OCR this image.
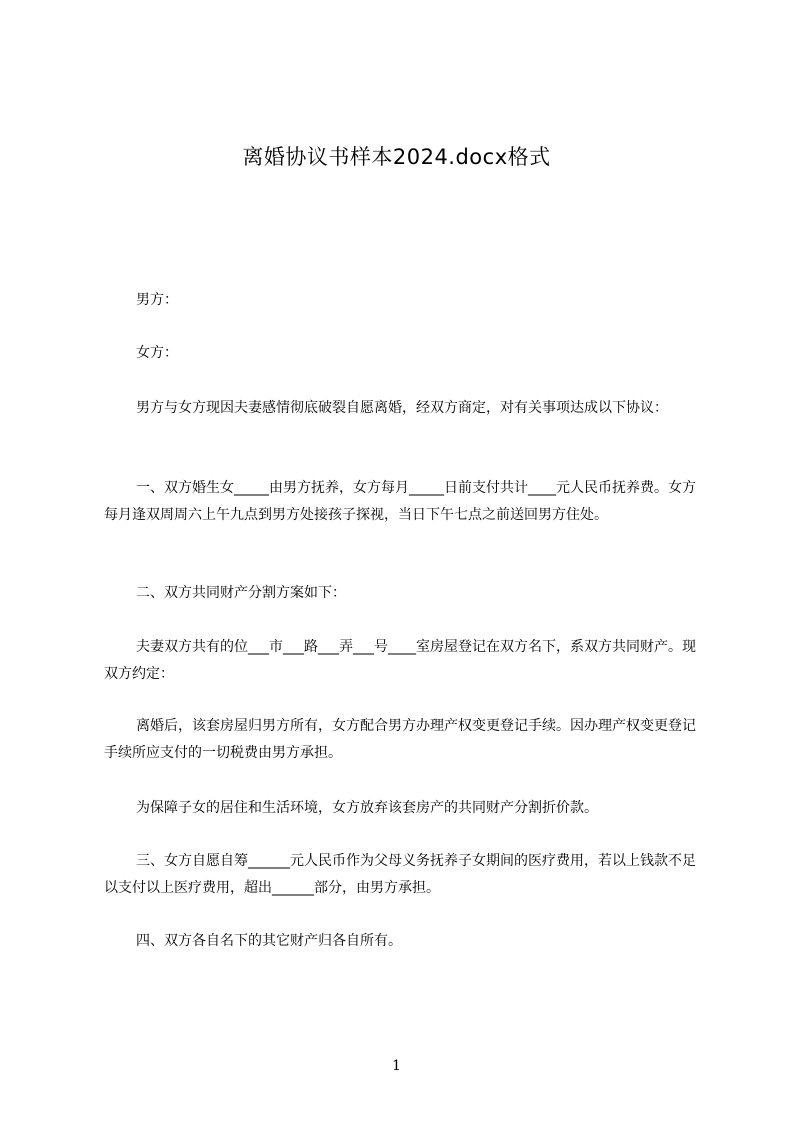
离婚协议书样本2024.docx格式

男方：

女方：

男方与女方现因夫妻感情彻底破裂自愿离婚，经双方商定，对有关事项达成以下协议：

一、双方婚生女_____由男方抚养，女方每月_____日前支付共计____元人民币抚养费。女方每月逢双周周六上午九点到男方处接孩子探视，当日下午七点之前送回男方住处。

二、双方共同财产分割方案如下：

夫妻双方共有的位___市___路___弄___号____室房屋登记在双方名下，系双方共同财产。现双方约定：

离婚后，该套房屋归男方所有，女方配合男方办理产权变更登记手续。因办理产权变更登记手续所应支付的一切税费由男方承担。

为保障子女的居住和生活环境，女方放弃该套房产的共同财产分割折价款。

三、女方自愿自筹______元人民币作为父母义务抚养子女期间的医疗费用，若以上钱款不足以支付以上医疗费用，超出______部分，由男方承担。

四、双方各自名下的其它财产归各自所有。

1
